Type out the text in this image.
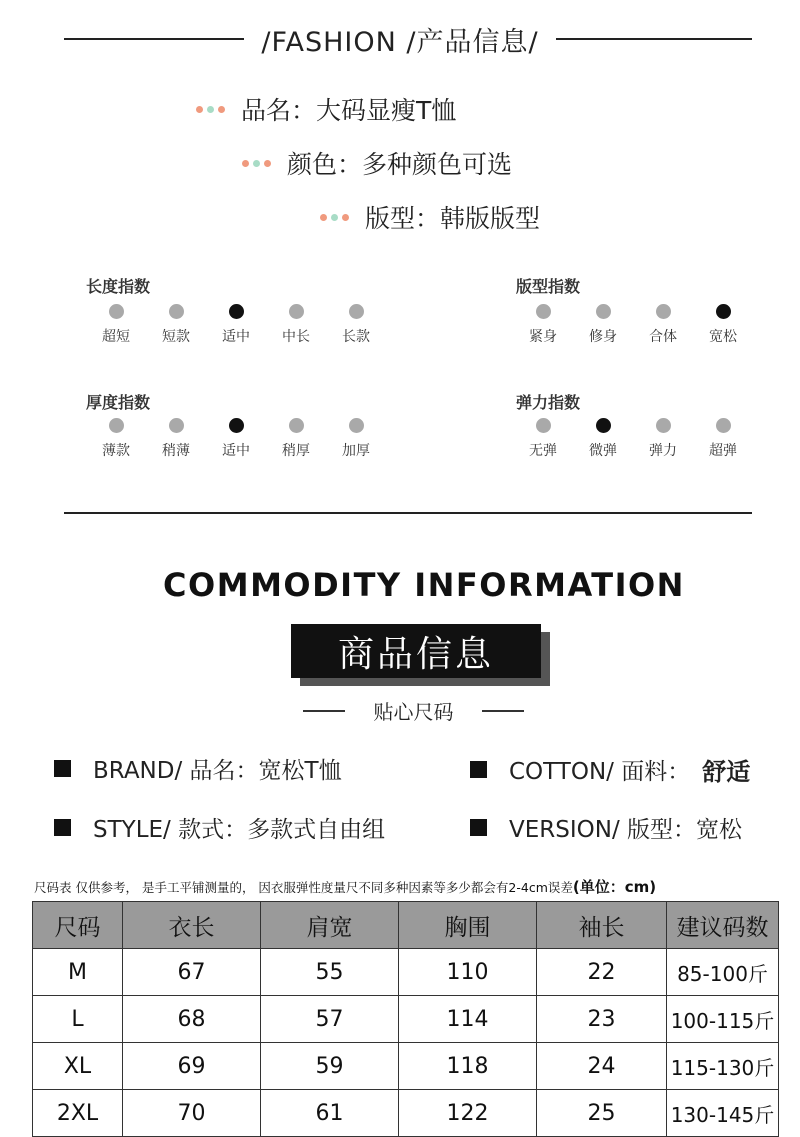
/FASHION /产品信息/
品名： 大码显瘦T恤
颜色： 多种颜色可选
版型： 韩版版型
长度指数
超短 短款 适中 中长 长款
版型指数
紧身 修身 合体 宽松
厚度指数
薄款 稍薄 适中 稍厚 加厚
弹力指数
无弹 微弹 弹力 超弹
COMMODITY INFORMATION
商品信息
贴心尺码
BRAND/ 品名：宽松T恤	COTTON/ 面料： 舒适
STYLE/ 款式：多款式自由组	VERSION/ 版型：宽松
尺码表 仅供参考， 是手工平铺测量的， 因衣服弹性度量尺不同多种因素等多少都会有2-4cm误差(单位：cm)
尺码	衣长	肩宽	胸围	袖长	建议码数
M	67	55	110	22	85-100斤
L	68	57	114	23	100-115斤
XL	69	59	118	24	115-130斤
2XL	70	61	122	25	130-145斤
